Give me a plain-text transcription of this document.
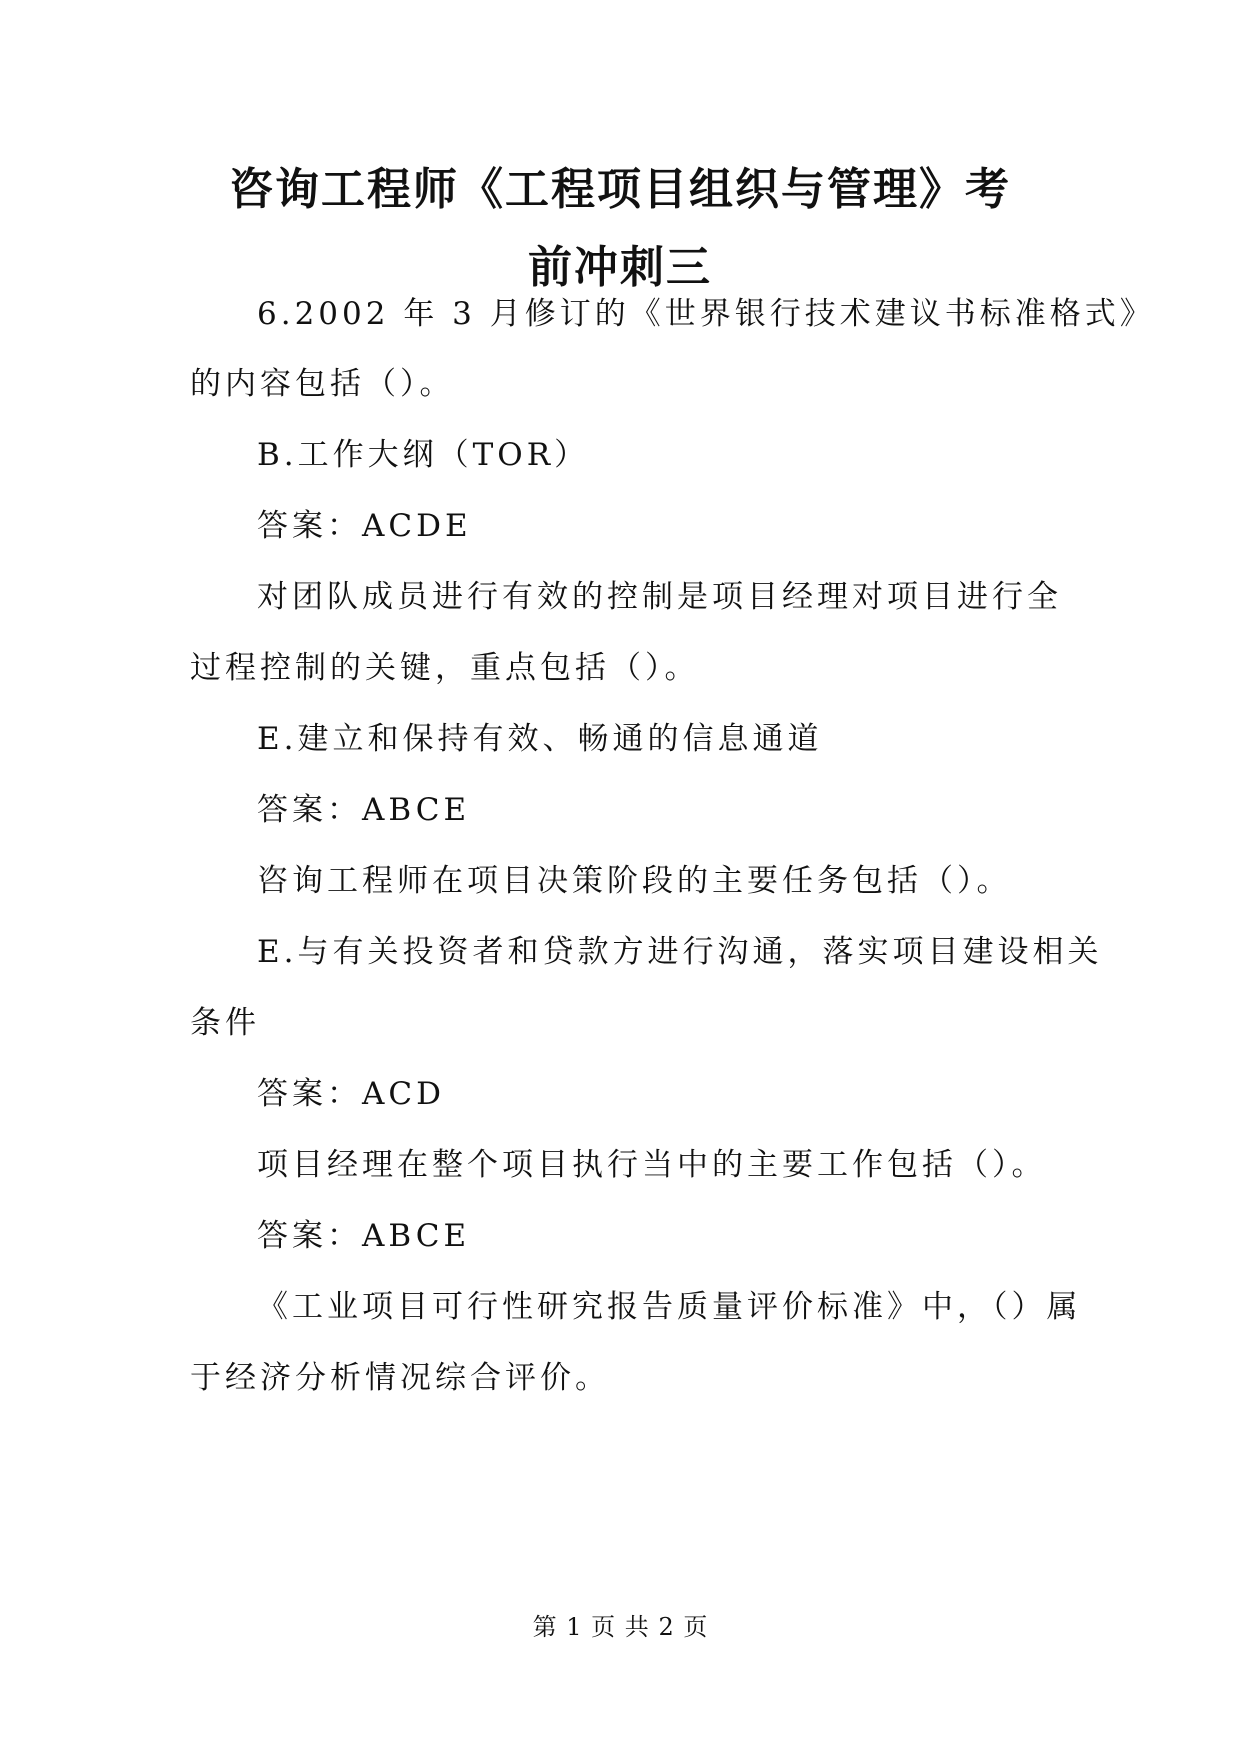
咨询工程师《工程项目组织与管理》考
前冲刺三

6.2002 年 3 月修订的《世界银行技术建议书标准格式》

的内容包括（）。

B.工作大纲（TOR）

答案：ACDE

对团队成员进行有效的控制是项目经理对项目进行全

过程控制的关键，重点包括（）。

E.建立和保持有效、畅通的信息通道

答案：ABCE

咨询工程师在项目决策阶段的主要任务包括（）。

E.与有关投资者和贷款方进行沟通，落实项目建设相关

条件

答案：ACD

项目经理在整个项目执行当中的主要工作包括（）。

答案：ABCE

《工业项目可行性研究报告质量评价标准》中，（）属

于经济分析情况综合评价。

第 1 页 共 2 页
